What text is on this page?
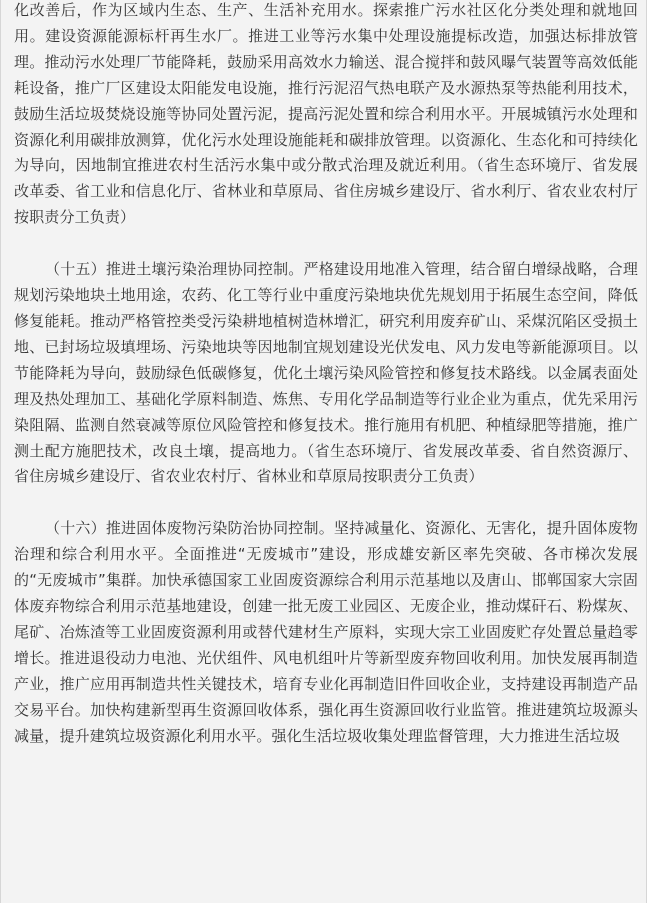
化改善后，作为区域内生态、生产、生活补充用水。探索推广污水社区化分类处理和就地回用。建设资源能源标杆再生水厂。推进工业等污水集中处理设施提标改造，加强达标排放管理。推动污水处理厂节能降耗，鼓励采用高效水力输送、混合搅拌和鼓风曝气装置等高效低能耗设备，推广厂区建设太阳能发电设施，推行污泥沼气热电联产及水源热泵等热能利用技术，鼓励生活垃圾焚烧设施等协同处置污泥，提高污泥处置和综合利用水平。开展城镇污水处理和资源化利用碳排放测算，优化污水处理设施能耗和碳排放管理。以资源化、生态化和可持续化为导向，因地制宜推进农村生活污水集中或分散式治理及就近利用。（省生态环境厅、省发展改革委、省工业和信息化厅、省林业和草原局、省住房城乡建设厅、省水利厅、省农业农村厅按职责分工负责）

（十五）推进土壤污染治理协同控制。严格建设用地准入管理，结合留白增绿战略，合理规划污染地块土地用途，农药、化工等行业中重度污染地块优先规划用于拓展生态空间，降低修复能耗。推动严格管控类受污染耕地植树造林增汇，研究利用废弃矿山、采煤沉陷区受损土地、已封场垃圾填埋场、污染地块等因地制宜规划建设光伏发电、风力发电等新能源项目。以节能降耗为导向，鼓励绿色低碳修复，优化土壤污染风险管控和修复技术路线。以金属表面处理及热处理加工、基础化学原料制造、炼焦、专用化学品制造等行业企业为重点，优先采用污染阻隔、监测自然衰减等原位风险管控和修复技术。推行施用有机肥、种植绿肥等措施，推广测土配方施肥技术，改良土壤，提高地力。（省生态环境厅、省发展改革委、省自然资源厅、省住房城乡建设厅、省农业农村厅、省林业和草原局按职责分工负责）

（十六）推进固体废物污染防治协同控制。坚持减量化、资源化、无害化，提升固体废物治理和综合利用水平。全面推进“无废城市”建设，形成雄安新区率先突破、各市梯次发展的“无废城市”集群。加快承德国家工业固废资源综合利用示范基地以及唐山、邯郸国家大宗固体废弃物综合利用示范基地建设，创建一批无废工业园区、无废企业，推动煤矸石、粉煤灰、尾矿、冶炼渣等工业固废资源利用或替代建材生产原料，实现大宗工业固废贮存处置总量趋零增长。推进退役动力电池、光伏组件、风电机组叶片等新型废弃物回收利用。加快发展再制造产业，推广应用再制造共性关键技术，培育专业化再制造旧件回收企业，支持建设再制造产品交易平台。加快构建新型再生资源回收体系，强化再生资源回收行业监管。推进建筑垃圾源头减量，提升建筑垃圾资源化利用水平。强化生活垃圾收集处理监督管理，大力推进生活垃圾
